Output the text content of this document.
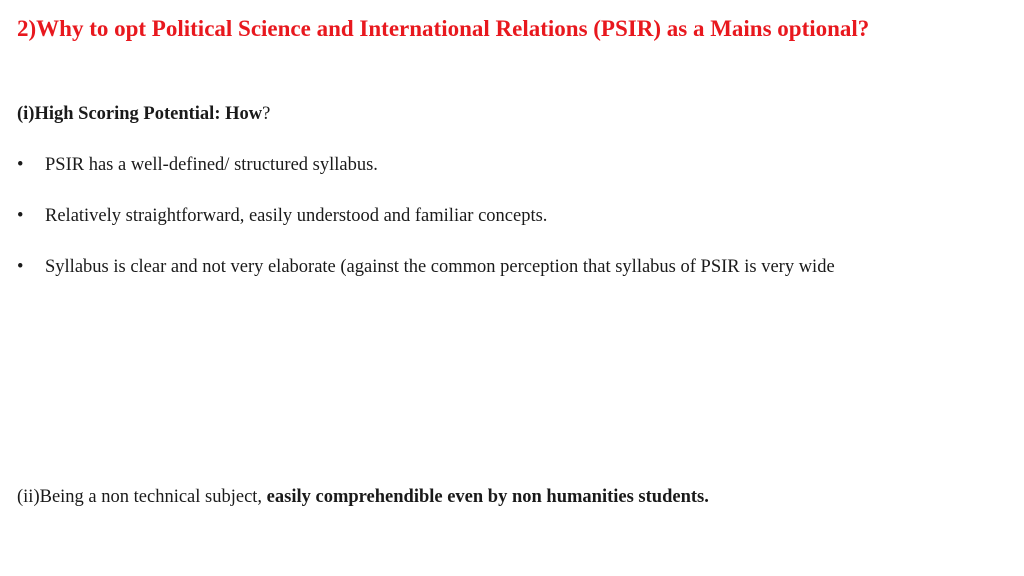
2)Why to opt Political Science and International Relations (PSIR) as a Mains optional?
(i)High Scoring Potential: How?
• PSIR has a well-defined/ structured syllabus.
• Relatively straightforward, easily understood and familiar concepts.
• Syllabus is clear and not very elaborate (against the common perception that syllabus of PSIR is very wide
(ii)Being a non technical subject, easily comprehendible even by non humanities students.
